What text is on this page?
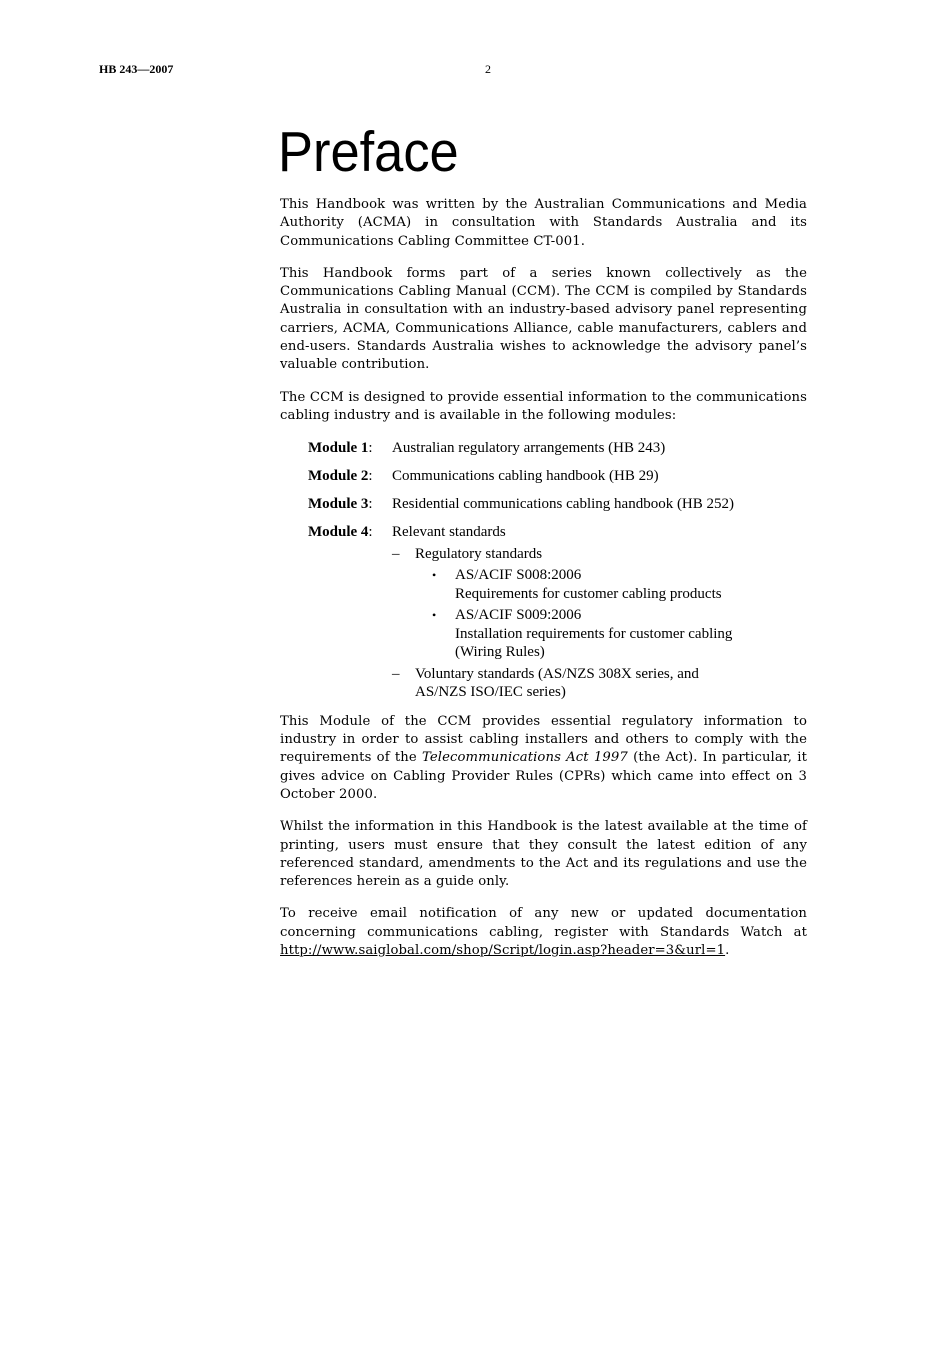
HB 243—2007	2
Preface

This Handbook was written by the Australian Communications and Media Authority (ACMA) in consultation with Standards Australia and its Communications Cabling Committee CT-001.

This Handbook forms part of a series known collectively as the Communications Cabling Manual (CCM). The CCM is compiled by Standards Australia in consultation with an industry-based advisory panel representing carriers, ACMA, Communications Alliance, cable manufacturers, cablers and end-users. Standards Australia wishes to acknowledge the advisory panel’s valuable contribution.

The CCM is designed to provide essential information to the communications cabling industry and is available in the following modules:

Module 1:	Australian regulatory arrangements (HB 243)
Module 2:	Communications cabling handbook (HB 29)
Module 3:	Residential communications cabling handbook (HB 252)
Module 4:	Relevant standards
–	Regulatory standards
•	AS/ACIF S008:2006
Requirements for customer cabling products
•	AS/ACIF S009:2006
Installation requirements for customer cabling
(Wiring Rules)
–	Voluntary standards (AS/NZS 308X series, and
AS/NZS ISO/IEC series)

This Module of the CCM provides essential regulatory information to industry in order to assist cabling installers and others to comply with the requirements of the Telecommunications Act 1997 (the Act). In particular, it gives advice on Cabling Provider Rules (CPRs) which came into effect on 3 October 2000.

Whilst the information in this Handbook is the latest available at the time of printing, users must ensure that they consult the latest edition of any referenced standard, amendments to the Act and its regulations and use the references herein as a guide only.

To receive email notification of any new or updated documentation concerning communications cabling, register with Standards Watch at http://www.saiglobal.com/shop/Script/login.asp?header=3&url=1.
